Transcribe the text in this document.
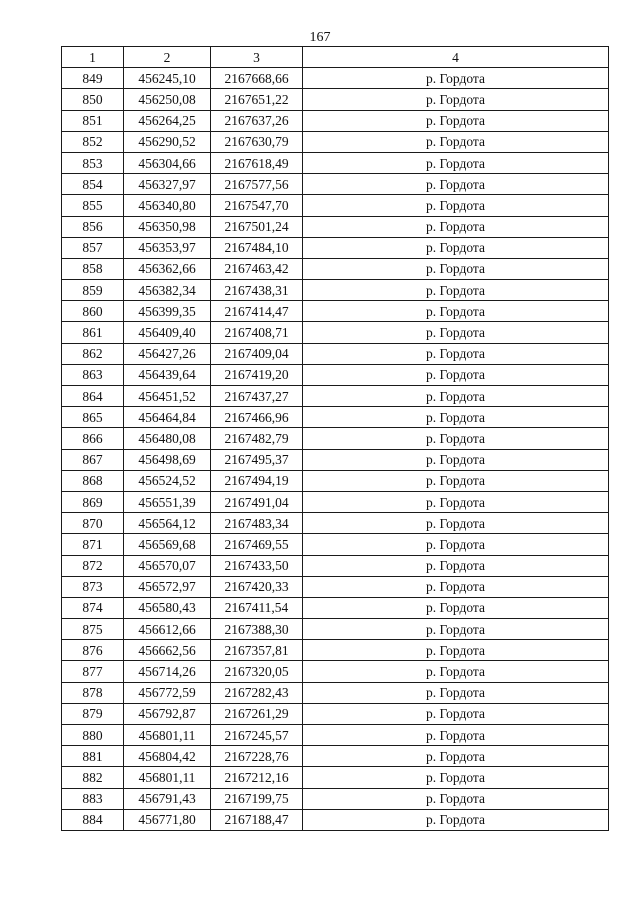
167
1	2	3	4
849	456245,10	2167668,66	р. Гордота
850	456250,08	2167651,22	р. Гордота
851	456264,25	2167637,26	р. Гордота
852	456290,52	2167630,79	р. Гордота
853	456304,66	2167618,49	р. Гордота
854	456327,97	2167577,56	р. Гордота
855	456340,80	2167547,70	р. Гордота
856	456350,98	2167501,24	р. Гордота
857	456353,97	2167484,10	р. Гордота
858	456362,66	2167463,42	р. Гордота
859	456382,34	2167438,31	р. Гордота
860	456399,35	2167414,47	р. Гордота
861	456409,40	2167408,71	р. Гордота
862	456427,26	2167409,04	р. Гордота
863	456439,64	2167419,20	р. Гордота
864	456451,52	2167437,27	р. Гордота
865	456464,84	2167466,96	р. Гордота
866	456480,08	2167482,79	р. Гордота
867	456498,69	2167495,37	р. Гордота
868	456524,52	2167494,19	р. Гордота
869	456551,39	2167491,04	р. Гордота
870	456564,12	2167483,34	р. Гордота
871	456569,68	2167469,55	р. Гордота
872	456570,07	2167433,50	р. Гордота
873	456572,97	2167420,33	р. Гордота
874	456580,43	2167411,54	р. Гордота
875	456612,66	2167388,30	р. Гордота
876	456662,56	2167357,81	р. Гордота
877	456714,26	2167320,05	р. Гордота
878	456772,59	2167282,43	р. Гордота
879	456792,87	2167261,29	р. Гордота
880	456801,11	2167245,57	р. Гордота
881	456804,42	2167228,76	р. Гордота
882	456801,11	2167212,16	р. Гордота
883	456791,43	2167199,75	р. Гордота
884	456771,80	2167188,47	р. Гордота
